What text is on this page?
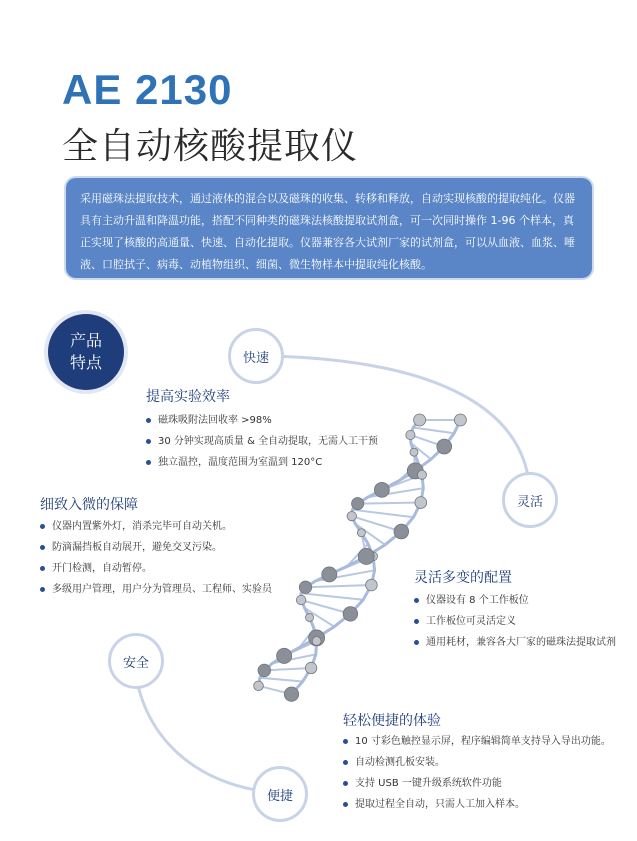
AE 2130
全自动核酸提取仪
采用磁珠法提取技术，通过液体的混合以及磁珠的收集、转移和释放，自动实现核酸的提取纯化。仪器具有主动升温和降温功能，搭配不同种类的磁珠法核酸提取试剂盒，可一次同时操作 1-96 个样本，真正实现了核酸的高通量、快速、自动化提取。仪器兼容各大试剂厂家的试剂盒，可以从血液、血浆、唾液、口腔拭子、病毒、动植物组织、细菌、微生物样本中提取纯化核酸。
产品
特点	快速
灵活
安全
便捷
提高实验效率
磁珠吸附法回收率 >98%
30 分钟实现高质量 & 全自动提取，无需人工干预
独立温控，温度范围为室温到 120°C
细致入微的保障
仪器内置紫外灯，消杀完毕可自动关机。
防滴漏挡板自动展开，避免交叉污染。
开门检测，自动暂停。
多级用户管理，用户分为管理员、工程师、实验员
灵活多变的配置
仪器设有 8 个工作板位
工作板位可灵活定义
通用耗材，兼容各大厂家的磁珠法提取试剂
轻松便捷的体验
10 寸彩色触控显示屏，程序编辑简单支持导入导出功能。
自动检测孔板安装。
支持 USB 一键升级系统软件功能
提取过程全自动，只需人工加入样本。
